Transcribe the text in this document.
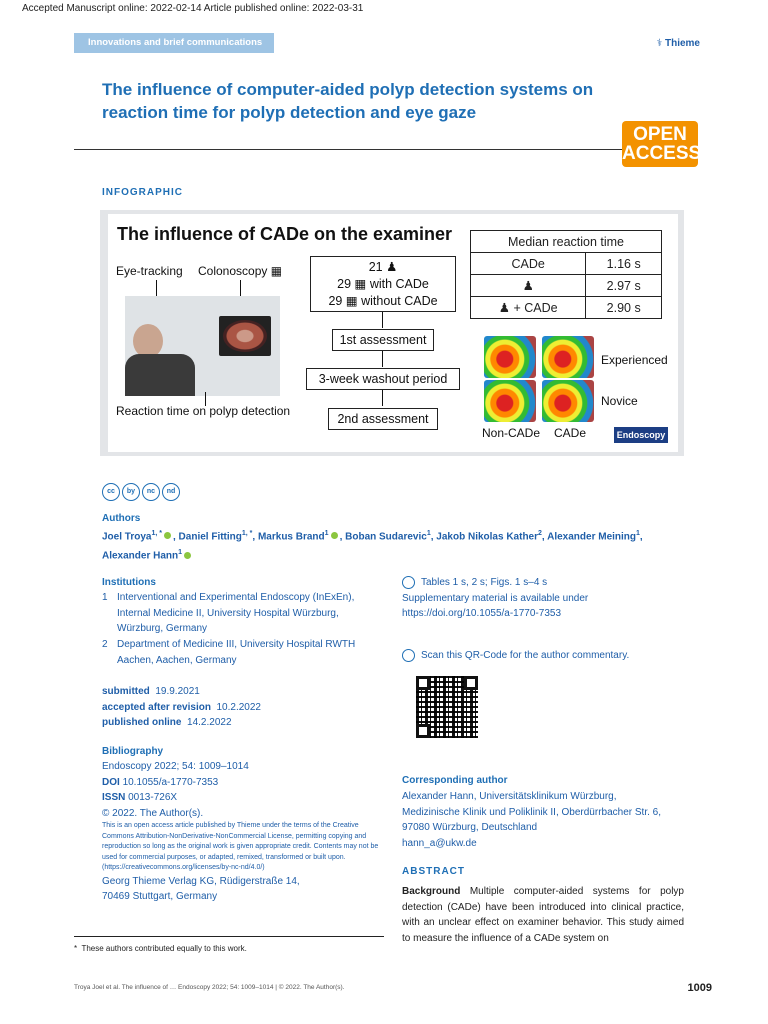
Accepted Manuscript online: 2022-02-14 Article published online: 2022-03-31
Innovations and brief communications	⚕ Thieme
The influence of computer-aided polyp detection systems on reaction time for polyp detection and eye gaze
OPEN
ACCESS
INFOGRAPHIC
The influence of CADe on the examiner
Eye-tracking Colonoscopy ▦
Reaction time on polyp detection
21 ♟
29 ▦ with CADe
29 ▦ without CADe
1st assessment
3-week washout period
2nd assessment
Median reaction time	
CADe	1.16 s
♟	2.97 s
♟ + CADe	2.90 s
Experienced
Novice
Non-CADe CADe	Endoscopy
cc by nc nd
Authors
Joel Troya$^{1, *}$ , Daniel Fitting$^{1, *}$, Markus Brand$^1$ , Boban Sudarevic$^1$, Jakob Nikolas Kather$^2$, Alexander Meining$^1$, Alexander Hann$^1$
Institutions
1 Interventional and Experimental Endoscopy (InExEn), Internal Medicine II, University Hospital Würzburg, Würzburg, Germany
2 Department of Medicine III, University Hospital RWTH Aachen, Aachen, Germany
submitted 19.9.2021
accepted after revision 10.2.2022
published online 14.2.2022
Bibliography
Endoscopy 2022; 54: 1009–1014
DOI 10.1055/a-1770-7353
ISSN 0013-726X
© 2022. The Author(s).
This is an open access article published by Thieme under the terms of the Creative Commons Attribution-NonDerivative-NonCommercial License, permitting copying and reproduction so long as the original work is given appropriate credit. Contents may not be used for commercial purposes, or adapted, remixed, transformed or built upon. (https://creativecommons.org/licenses/by-nc-nd/4.0/)
Georg Thieme Verlag KG, Rüdigerstraße 14,
70469 Stuttgart, Germany
Tables 1 s, 2 s; Figs. 1 s–4 s
Supplementary material is available under
https://doi.org/10.1055/a-1770-7353
Scan this QR-Code for the author commentary.
Corresponding author
Alexander Hann, Universitätsklinikum Würzburg,
Medizinische Klinik und Poliklinik II, Oberdürrbacher Str. 6,
97080 Würzburg, Deutschland
hann_a@ukw.de
ABSTRACT
Background Multiple computer-aided systems for polyp detection (CADe) have been introduced into clinical practice, with an unclear effect on examiner behavior. This study aimed to measure the influence of a CADe system on
* These authors contributed equally to this work.
Troya Joel et al. The influence of … Endoscopy 2022; 54: 1009–1014 | © 2022. The Author(s).	1009
